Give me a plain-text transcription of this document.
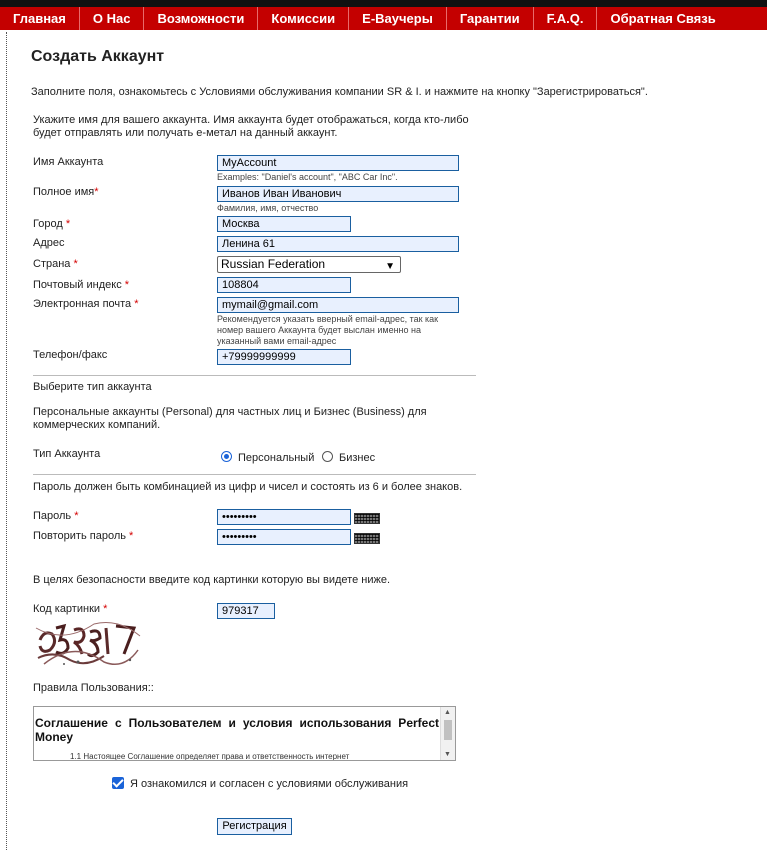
Главная	О Нас	Возможности	Комиссии	E-Ваучеры	Гарантии	F.A.Q.	Обратная Связь
Создать Аккаунт
Заполните поля, ознакомьтесь с Условиями обслуживания компании SR & I. и нажмите на кнопку "Зарегистрироваться".
Укажите имя для вашего аккаунта. Имя аккаунта будет отображаться, когда кто-либо будет отправлять или получать е-метал на данный аккаунт.
Имя Аккаунта	MyAccount
Examples: "Daniel's account", "ABC Car Inc".
Полное имя*	Иванов Иван Иванович
Фамилия, имя, отчество
Город *	Москва
Адрес	Ленина 61
Страна *	Russian Federation	▼
Почтовый индекс *	108804
Электронная почта *	mymail@gmail.com
Рекомендуется указать вверный email-адрес, так как
номер вашего Аккаунта будет выслан именно на
указанный вами email-адрес
Телефон/факс	+79999999999
Выберите тип аккаунта
Персональные аккаунты (Personal) для частных лиц и Бизнес (Business) для коммерческих компаний.
Тип Аккаунта	Персональный Бизнес
Пароль должен быть комбинацией из цифр и чисел и состоять из 6 и более знаков.
Пароль *	•••••••••
Повторить пароль *	•••••••••
В целях безопасности введите код картинки которую вы видете ниже.
Код картинки *	979317
Правила Пользования::
Соглашение с Пользователем и условия использования Perfect
Money
1.1 Настоящее Соглашение определяет права и ответственность интернет
▲
▼
Я ознакомился и согласен с условиями обслуживания
Регистрация
